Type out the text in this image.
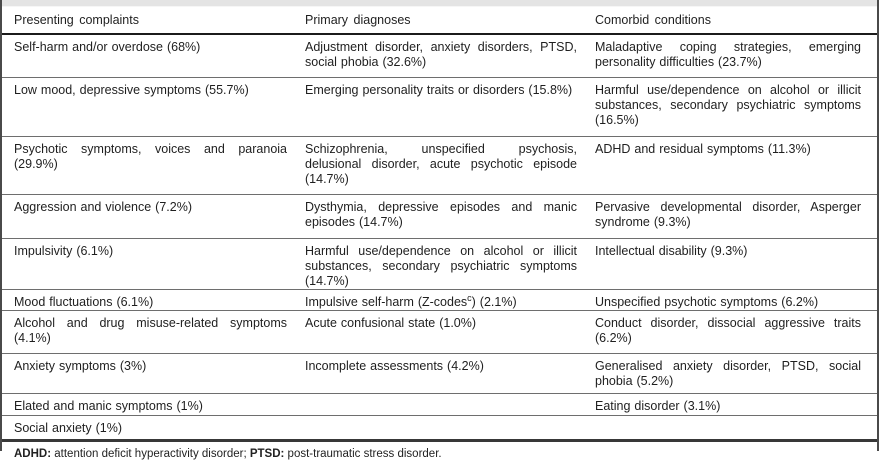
Presenting complaints	Primary diagnoses	Comorbid conditions
Self-harm and/or overdose (68%)	Adjustment disorder, anxiety disorders, PTSD, social phobia (32.6%)	Maladaptive coping strategies, emerging personality difficulties (23.7%)
Low mood, depressive symptoms (55.7%)	Emerging personality traits or disorders (15.8%)	Harmful use/dependence on alcohol or illicit substances, secondary psychiatric symptoms (16.5%)
Psychotic symptoms, voices and paranoia (29.9%)	Schizophrenia, unspecified psychosis, delusional disorder, acute psychotic episode (14.7%)	ADHD and residual symptoms (11.3%)
Aggression and violence (7.2%)	Dysthymia, depressive episodes and manic episodes (14.7%)	Pervasive developmental disorder, Asperger syndrome (9.3%)
Impulsivity (6.1%)	Harmful use/dependence on alcohol or illicit substances, secondary psychiatric symptoms (14.7%)	Intellectual disability (9.3%)
Mood fluctuations (6.1%)	Impulsive self-harm (Z-codes$^c$) (2.1%)	Unspecified psychotic symptoms (6.2%)
Alcohol and drug misuse-related symptoms (4.1%)	Acute confusional state (1.0%)	Conduct disorder, dissocial aggressive traits (6.2%)
Anxiety symptoms (3%)	Incomplete assessments (4.2%)	Generalised anxiety disorder, PTSD, social phobia (5.2%)
Elated and manic symptoms (1%)		Eating disorder (3.1%)
Social anxiety (1%)		
ADHD: attention deficit hyperactivity disorder; PTSD: post-traumatic stress disorder.
